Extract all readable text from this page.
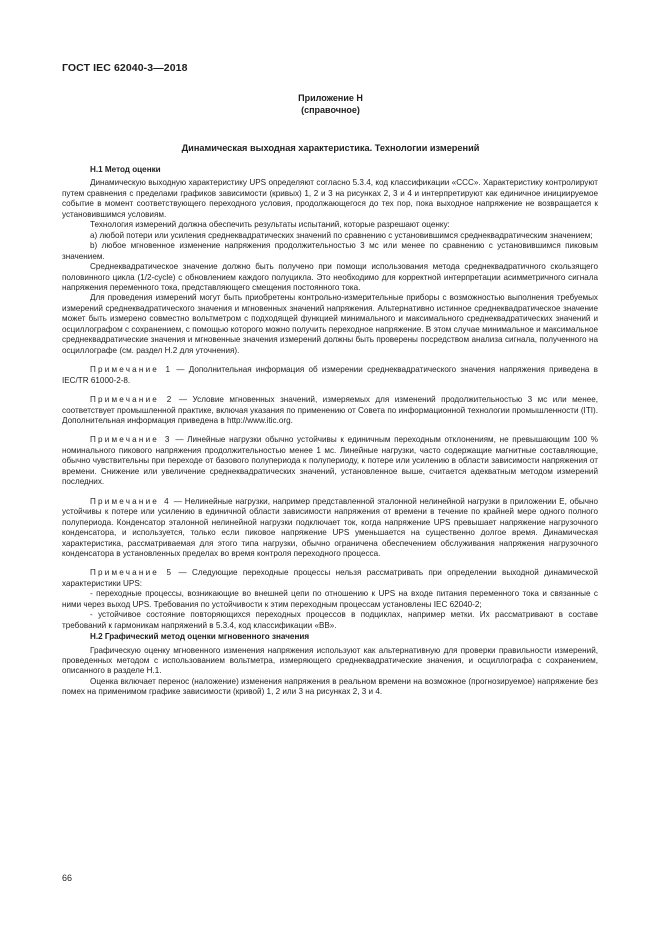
ГОСТ IEC 62040-3—2018
Приложение Н
(справочное)
Динамическая выходная характеристика. Технологии измерений
Н.1 Метод оценки

Динамическую выходную характеристику UPS определяют согласно 5.3.4, код классификации «ССС». Характеристику контролируют путем сравнения с пределами графиков зависимости (кривых) 1, 2 и 3 на рисунках 2, 3 и 4 и интерпретируют как единичное инициируемое событие в момент соответствующего переходного условия, продолжающегося до тех пор, пока выходное напряжение не возвращается к установившимся условиям.

Технология измерений должна обеспечить результаты испытаний, которые разрешают оценку:

а) любой потери или усиления среднеквадратических значений по сравнению с установившимся среднеквадратическим значением;

b) любое мгновенное изменение напряжения продолжительностью 3 мс или менее по сравнению с установившимся пиковым значением.

Среднеквадратическое значение должно быть получено при помощи использования метода среднеквадратичного скользящего половинного цикла (1/2-cycle) с обновлением каждого полуцикла. Это необходимо для корректной интерпретации асимметричного сигнала напряжения переменного тока, представляющего смещения постоянного тока.

Для проведения измерений могут быть приобретены контрольно-измерительные приборы с возможностью выполнения требуемых измерений среднеквадратического значения и мгновенных значений напряжения. Альтернативно истинное среднеквадратическое значение может быть измерено совместно вольтметром с подходящей функцией минимального и максимального среднеквадратических значений и осциллографом с сохранением, с помощью которого можно получить переходное напряжение. В этом случае минимальное и максимальное среднеквадратические значения и мгновенные значения измерений должны быть проверены посредством анализа сигнала, полученного на осциллографе (см. раздел Н.2 для уточнения).

Примечание 1 — Дополнительная информация об измерении среднеквадратического значения напряжения приведена в IEC/TR 61000-2-8.

Примечание 2 — Условие мгновенных значений, измеряемых для изменений продолжительностью 3 мс или менее, соответствует промышленной практике, включая указания по применению от Совета по информационной технологии промышленности (ITI). Дополнительная информация приведена в http://www.itic.org.

Примечание 3 — Линейные нагрузки обычно устойчивы к единичным переходным отклонениям, не превышающим 100 % номинального пикового напряжения продолжительностью менее 1 мс. Линейные нагрузки, часто содержащие магнитные составляющие, обычно чувствительны при переходе от базового полупериода к полупериоду, к потере или усилению в области зависимости напряжения от времени. Снижение или увеличение среднеквадратических значений, установленное выше, считается адекватным методом измерений последних.

Примечание 4 — Нелинейные нагрузки, например представленной эталонной нелинейной нагрузки в приложении Е, обычно устойчивы к потере или усилению в единичной области зависимости напряжения от времени в течение по крайней мере одного полного полупериода. Конденсатор эталонной нелинейной нагрузки подключает ток, когда напряжение UPS превышает напряжение нагрузочного конденсатора, и используется, только если пиковое напряжение UPS уменьшается на существенно долгое время. Динамическая характеристика, рассматриваемая для этого типа нагрузки, обычно ограничена обеспечением обслуживания напряжения нагрузочного конденсатора в установленных пределах во время контроля переходного процесса.

Примечание 5 — Следующие переходные процессы нельзя рассматривать при определении выходной динамической характеристики UPS:

- переходные процессы, возникающие во внешней цепи по отношению к UPS на входе питания переменного тока и связанные с ними через выход UPS. Требования по устойчивости к этим переходным процессам установлены IEC 62040-2;

- устойчивое состояние повторяющихся переходных процессов в подциклах, например метки. Их рассматривают в составе требований к гармоникам напряжений в 5.3.4, код классификации «ВВ».

Н.2 Графический метод оценки мгновенного значения

Графическую оценку мгновенного изменения напряжения используют как альтернативную для проверки правильности измерений, проведенных методом с использованием вольтметра, измеряющего среднеквадратические значения, и осциллографа с сохранением, описанного в разделе Н.1.

Оценка включает перенос (наложение) изменения напряжения в реальном времени на возможное (прогнозируемое) напряжение без помех на применимом графике зависимости (кривой) 1, 2 или 3 на рисунках 2, 3 и 4.

66
